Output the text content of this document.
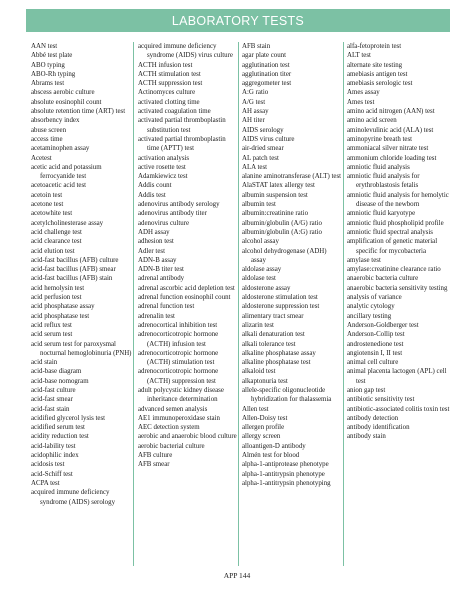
LABORATORY TESTS
AAN test
Abbé test plate
ABO typing
ABO-Rh typing
Abrams test
abscess aerobic culture
absolute eosinophil count
absolute retention time (ART) test
absorbency index
abuse screen
access time
acetaminophen assay
Acetest
acetic acid and potassium ferrocyanide test
acetoacetic acid test
acetoin test
acetone test
acetowhite test
acetylcholinesterase assay
acid challenge test
acid clearance test
acid elution test
acid-fast bacillus (AFB) culture
acid-fast bacillus (AFB) smear
acid-fast bacillus (AFB) stain
acid hemolysin test
acid perfusion test
acid phosphatase assay
acid phosphatase test
acid reflux test
acid serum test
acid serum test for paroxysmal nocturnal hemoglobinuria (PNH)
acid stain
acid-base diagram
acid-base nomogram
acid-fast culture
acid-fast smear
acid-fast stain
acidified glycerol lysis test
acidified serum test
acidity reduction test
acid-lability test
acidophilic index
acidosis test
acid-Schiff test
ACPA test
acquired immune deficiency syndrome (AIDS) serology
acquired immune deficiency syndrome (AIDS) virus culture
ACTH infusion test
ACTH stimulation test
ACTH suppression test
Actinomyces culture
activated clotting time
activated coagulation time
activated partial thromboplastin substitution test
activated partial thromboplastin time (APTT) test
activation analysis
active rosette test
Adamkiewicz test
Addis count
Addis test
adenovirus antibody serology
adenovirus antibody titer
adenovirus culture
ADH assay
adhesion test
Adler test
ADN-B assay
ADN-B titer test
adrenal antibody
adrenal ascorbic acid depletion test
adrenal function eosinophil count
adrenal function test
adrenalin test
adrenocortical inhibition test
adrenocorticotropic hormone (ACTH) infusion test
adrenocorticotropic hormone (ACTH) stimulation test
adrenocorticotropic hormone (ACTH) suppression test
adult polycystic kidney disease inheritance determination
advanced semen analysis
AE1 immunoperoxidase stain
AEC detection system
aerobic and anaerobic blood culture
aerobic bacterial culture
AFB culture
AFB smear
AFB stain
agar plate count
agglutination test
agglutination titer
aggregometer test
A:G ratio
A/G test
AH assay
AH titer
AIDS serology
AIDS virus culture
air-dried smear
AL patch test
ALA test
alanine aminotransferase (ALT) test
AlaSTAT latex allergy test
albumin suspension test
albumin test
albumin:creatinine ratio
albumin/globulin (A/G) ratio
albumin/globulin (A:G) ratio
alcohol assay
alcohol dehydrogenase (ADH) assay
aldolase assay
aldolase test
aldosterone assay
aldosterone stimulation test
aldosterone suppression test
alimentary tract smear
alizarin test
alkali denaturation test
alkali tolerance test
alkaline phosphatase assay
alkaline phosphatase test
alkaloid test
alkaptonuria test
allele-specific oligonucleotide hybridization for thalassemia
Allen test
Allen-Doisy test
allergen profile
allergy screen
alloantigen-D antibody
Almén test for blood
alpha-1-antiprotease phenotype
alpha-1-antitrypsin phenotype
alpha-1-antitrypsin phenotyping
alfa-fetoprotein test
ALT test
alternate site testing
amebiasis antigen test
amebiasis serologic test
Ames assay
Ames test
amino acid nitrogen (AAN) test
amino acid screen
aminolevulinic acid (ALA) test
aminopyrine breath test
ammoniacal silver nitrate test
ammonium chloride loading test
amniotic fluid analysis
amniotic fluid analysis for erythroblastosis fetalis
amniotic fluid analysis for hemolytic disease of the newborn
amniotic fluid karyotype
amniotic fluid phospholipid profile
amniotic fluid spectral analysis
amplification of genetic material specific for mycobacteria
amylase test
amylase:creatinine clearance ratio
anaerobic bacteria culture
anaerobic bacteria sensitivity testing
analysis of variance
analytic cytology
ancillary testing
Anderson-Goldberger test
Anderson-Collip test
androstenedione test
angiotensin I, II test
animal cell culture
animal placenta lactogen (APL) cell test
anion gap test
antibiotic sensitivity test
antibiotic-associated colitis toxin test
antibody detection
antibody identification
antibody stain
APP 144
